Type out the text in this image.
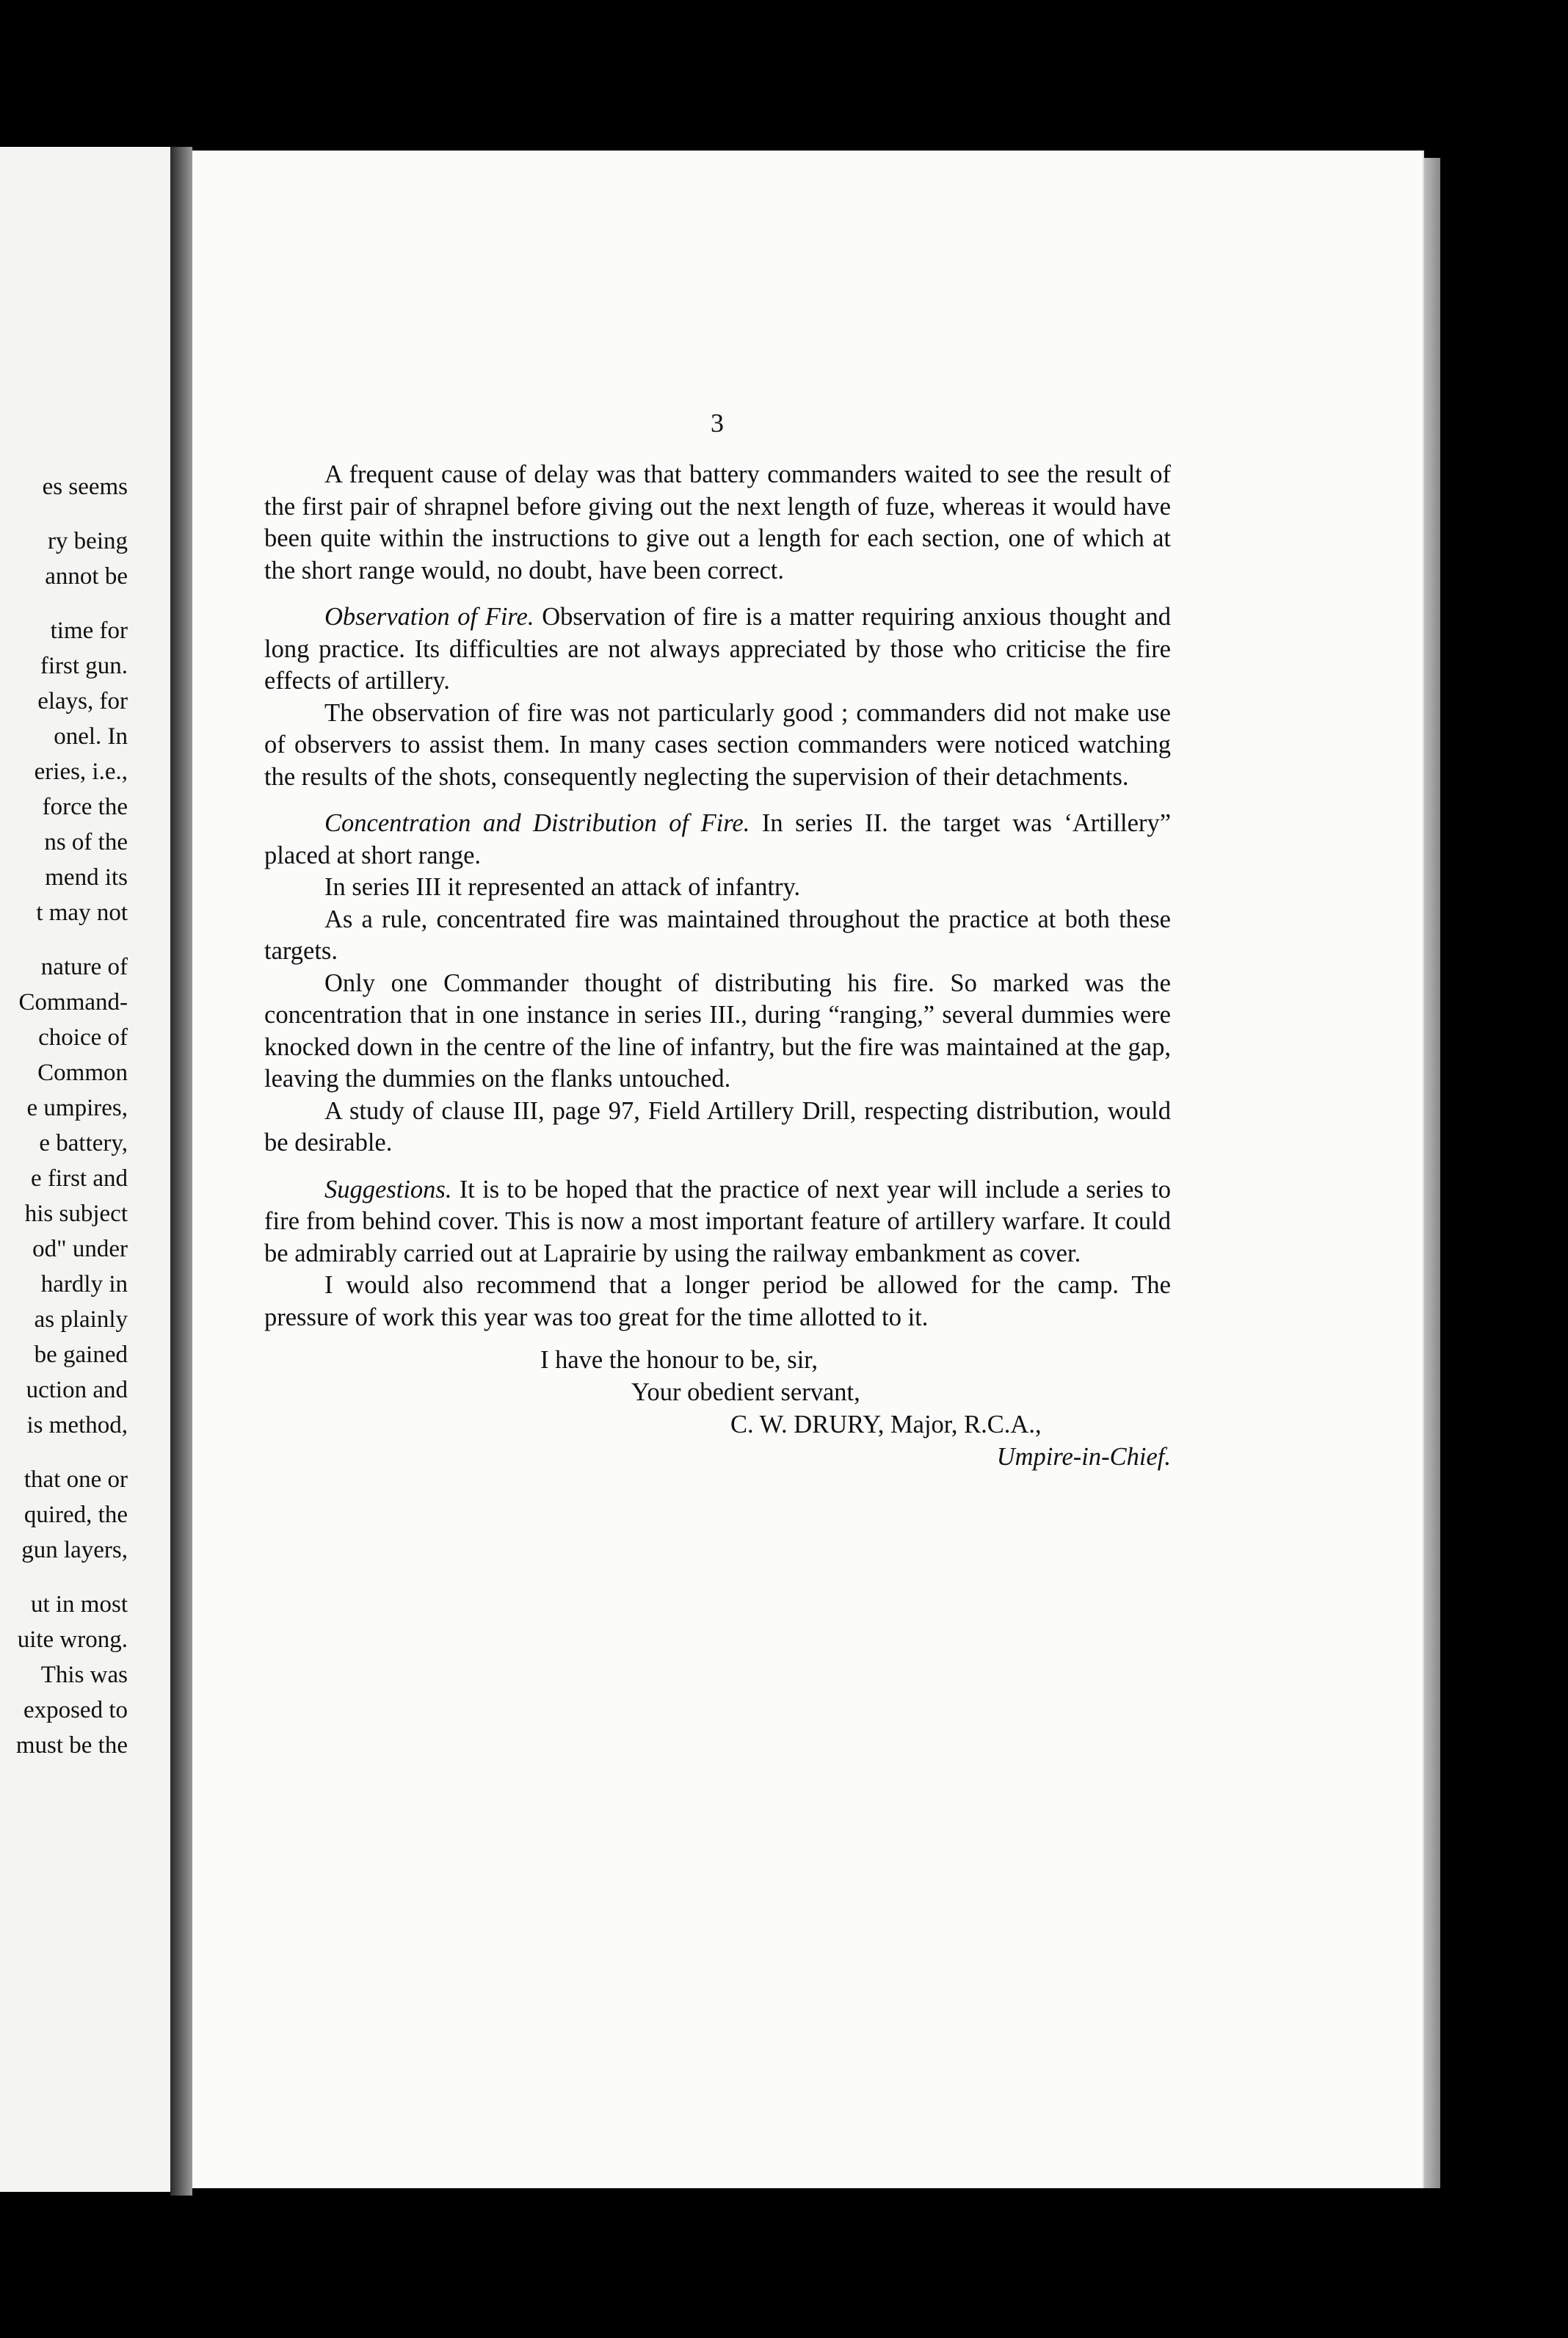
es seems
ry being
annot be
time for
first gun.
elays, for
onel. In
eries, i.e.,
force the
ns of the
mend its
t may not
nature of
Command-
choice of
Common
e umpires,
e battery,
e first and
his subject
od" under
hardly in
as plainly
be gained
uction and
is method,
that one or
quired, the
gun layers,
ut in most
uite wrong.
This was
exposed to
must be the
3

A frequent cause of delay was that battery commanders waited to see the result of the first pair of shrapnel before giving out the next length of fuze, whereas it would have been quite within the instructions to give out a length for each section, one of which at the short range would, no doubt, have been correct.

Observation of Fire. Observation of fire is a matter requiring anxious thought and long practice. Its difficulties are not always appreciated by those who criticise the fire effects of artillery.

The observation of fire was not particularly good ; commanders did not make use of observers to assist them. In many cases section commanders were noticed watching the results of the shots, consequently neglecting the supervision of their detachments.

Concentration and Distribution of Fire. In series II. the target was ‘Artillery” placed at short range.

In series III it represented an attack of infantry.

As a rule, concentrated fire was maintained throughout the practice at both these targets.

Only one Commander thought of distributing his fire. So marked was the concentration that in one instance in series III., during “ranging,” several dummies were knocked down in the centre of the line of infantry, but the fire was maintained at the gap, leaving the dummies on the flanks untouched.

A study of clause III, page 97, Field Artillery Drill, respecting distribution, would be desirable.

Suggestions. It is to be hoped that the practice of next year will include a series to fire from behind cover. This is now a most important feature of artillery warfare. It could be admirably carried out at Laprairie by using the railway embankment as cover.

I would also recommend that a longer period be allowed for the camp. The pressure of work this year was too great for the time allotted to it.

I have the honour to be, sir,
Your obedient servant,
C. W. DRURY, Major, R.C.A.,
Umpire-in-Chief.
